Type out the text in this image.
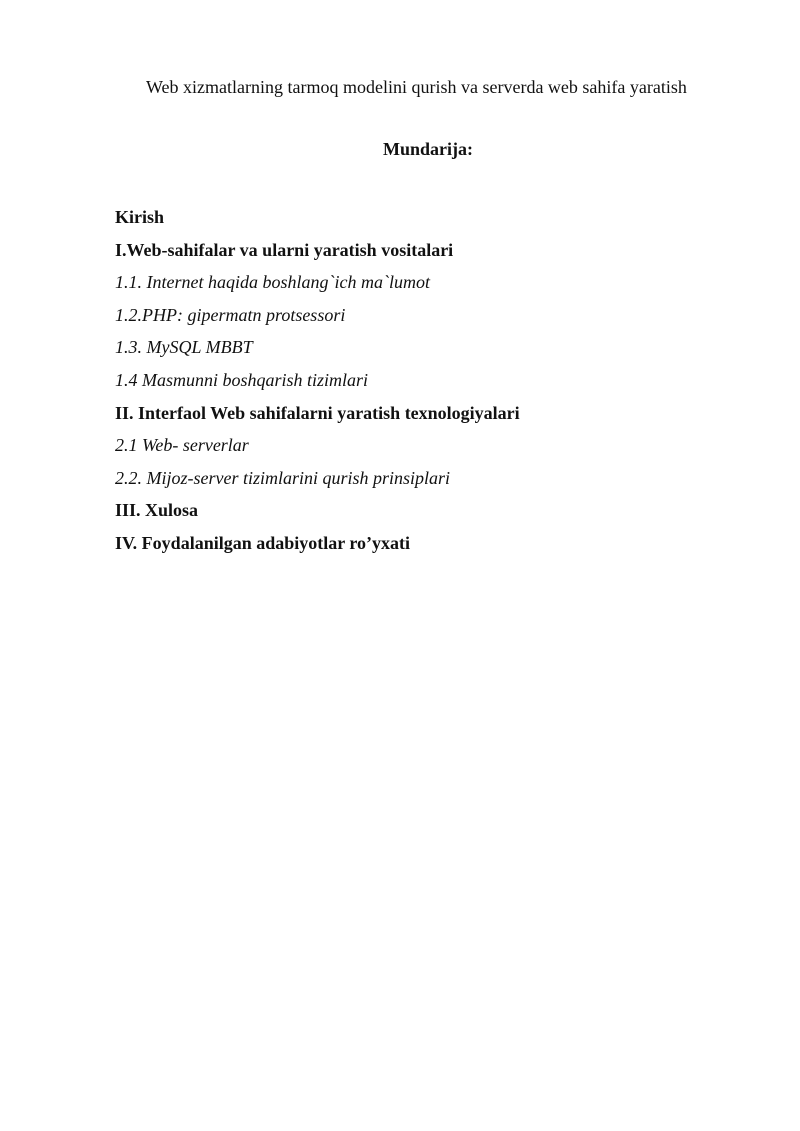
Web xizmatlarning tarmoq modelini qurish va serverda web sahifa yaratish
Mundarija:
Kirish
I.Web-sahifalar va ularni yaratish vositalari
1.1. Internet haqida boshlang`ich ma`lumot
1.2.PHP: gipermatn protsessori
1.3. MySQL MBBT
1.4 Masmunni boshqarish tizimlari
II. Interfaol Web sahifalarni yaratish texnologiyalari
2.1 Web- serverlar
2.2. Mijoz-server tizimlarini qurish prinsiplari
III. Xulosa
IV. Foydalanilgan adabiyotlar ro’yxati
